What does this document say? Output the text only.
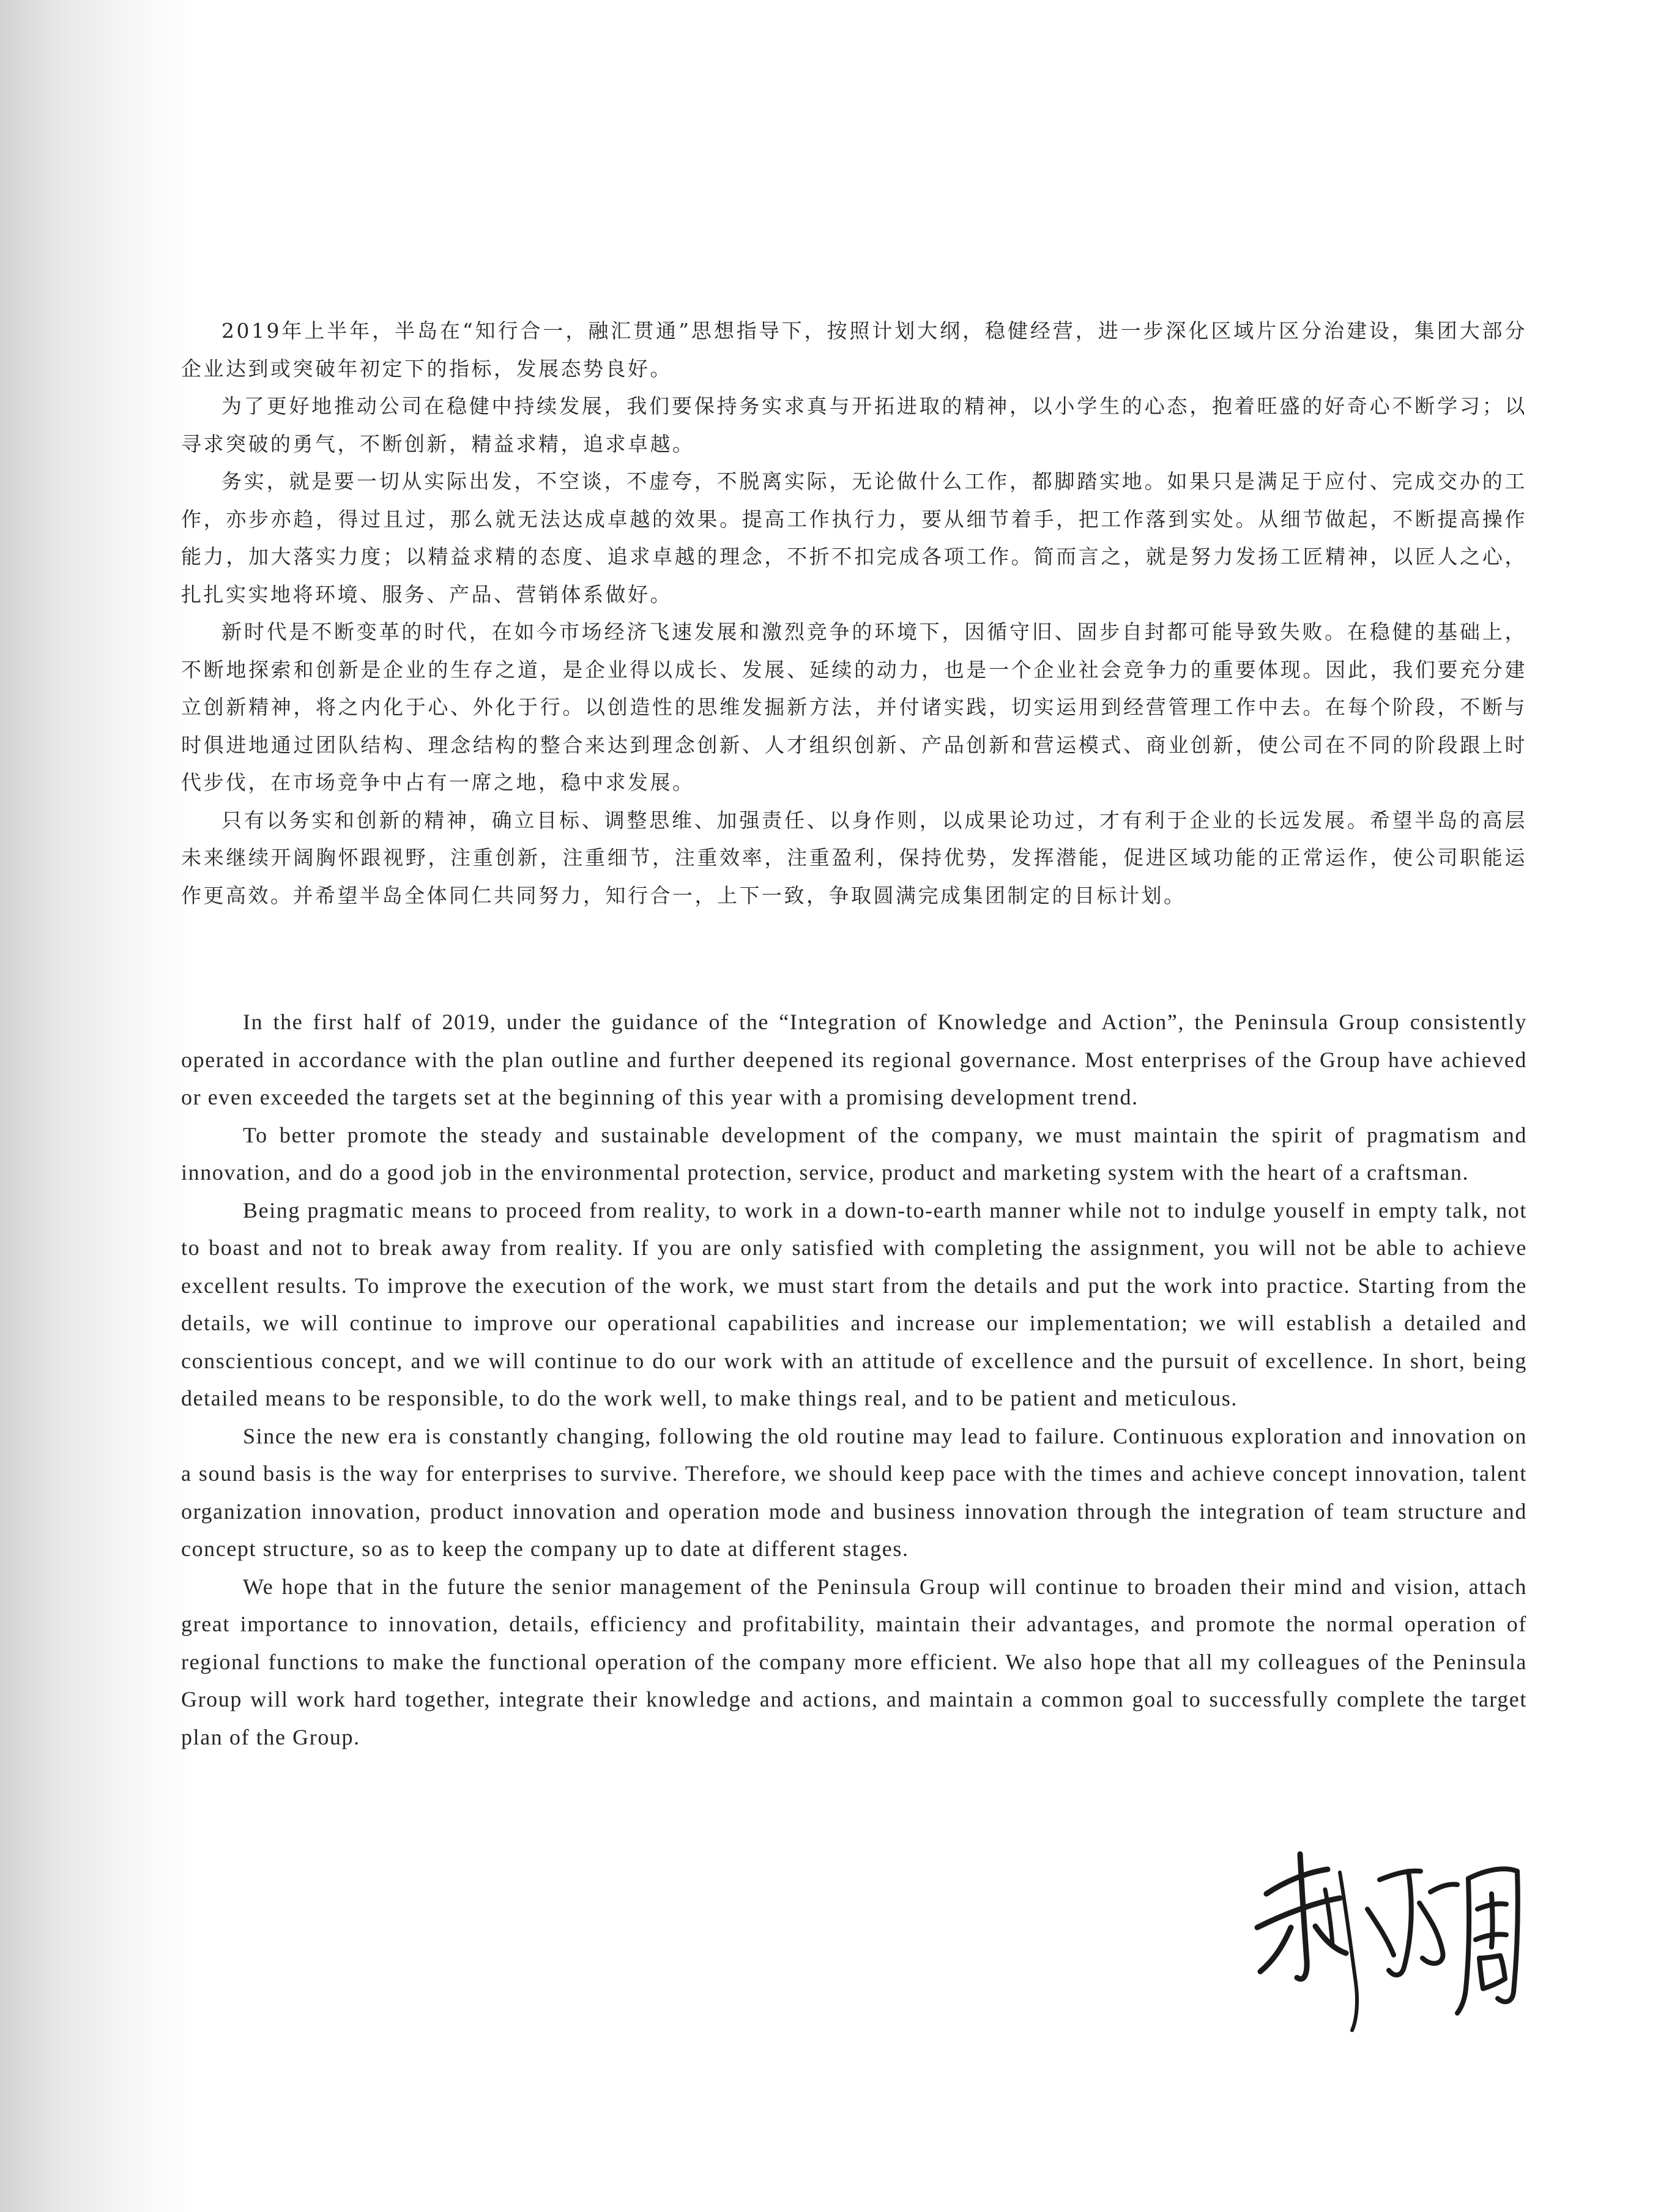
2019年上半年，半岛在“知行合一，融汇贯通”思想指导下，按照计划大纲，稳健经营，进一步深化区域片区分治建设，集团大部分企业达到或突破年初定下的指标，发展态势良好。

为了更好地推动公司在稳健中持续发展，我们要保持务实求真与开拓进取的精神，以小学生的心态，抱着旺盛的好奇心不断学习；以寻求突破的勇气，不断创新，精益求精，追求卓越。

务实，就是要一切从实际出发，不空谈，不虚夸，不脱离实际，无论做什么工作，都脚踏实地。如果只是满足于应付、完成交办的工作，亦步亦趋，得过且过，那么就无法达成卓越的效果。提高工作执行力，要从细节着手，把工作落到实处。从细节做起，不断提高操作能力，加大落实力度；以精益求精的态度、追求卓越的理念，不折不扣完成各项工作。简而言之，就是努力发扬工匠精神，以匠人之心，扎扎实实地将环境、服务、产品、营销体系做好。

新时代是不断变革的时代，在如今市场经济飞速发展和激烈竞争的环境下，因循守旧、固步自封都可能导致失败。在稳健的基础上，不断地探索和创新是企业的生存之道，是企业得以成长、发展、延续的动力，也是一个企业社会竞争力的重要体现。因此，我们要充分建立创新精神，将之内化于心、外化于行。以创造性的思维发掘新方法，并付诸实践，切实运用到经营管理工作中去。在每个阶段，不断与时俱进地通过团队结构、理念结构的整合来达到理念创新、人才组织创新、产品创新和营运模式、商业创新，使公司在不同的阶段跟上时代步伐，在市场竞争中占有一席之地，稳中求发展。

只有以务实和创新的精神，确立目标、调整思维、加强责任、以身作则，以成果论功过，才有利于企业的长远发展。希望半岛的高层未来继续开阔胸怀跟视野，注重创新，注重细节，注重效率，注重盈利，保持优势，发挥潜能，促进区域功能的正常运作，使公司职能运作更高效。并希望半岛全体同仁共同努力，知行合一，上下一致，争取圆满完成集团制定的目标计划。

In the first half of 2019, under the guidance of the “Integration of Knowledge and Action”, the Peninsula Group consistently operated in accordance with the plan outline and further deepened its regional governance. Most enterprises of the Group have achieved or even exceeded the targets set at the beginning of this year with a promising development trend.

To better promote the steady and sustainable development of the company, we must maintain the spirit of pragmatism and innovation, and do a good job in the environmental protection, service, product and marketing system with the heart of a craftsman.

Being pragmatic means to proceed from reality, to work in a down-to-earth manner while not to indulge youself in empty talk, not to boast and not to break away from reality. If you are only satisfied with completing the assignment, you will not be able to achieve excellent results. To improve the execution of the work, we must start from the details and put the work into practice. Starting from the details, we will continue to improve our operational capabilities and increase our implementation; we will establish a detailed and conscientious concept, and we will continue to do our work with an attitude of excellence and the pursuit of excellence. In short, being detailed means to be responsible, to do the work well, to make things real, and to be patient and meticulous.

Since the new era is constantly changing, following the old routine may lead to failure. Continuous exploration and innovation on a sound basis is the way for enterprises to survive. Therefore, we should keep pace with the times and achieve concept innovation, talent organization innovation, product innovation and operation mode and business innovation through the integration of team structure and concept structure, so as to keep the company up to date at different stages.

We hope that in the future the senior management of the Peninsula Group will continue to broaden their mind and vision, attach great importance to innovation, details, efficiency and profitability, maintain their advantages, and promote the normal operation of regional functions to make the functional operation of the company more efficient. We also hope that all my colleagues of the Peninsula Group will work hard together, integrate their knowledge and actions, and maintain a common goal to successfully complete the target plan of the Group.
